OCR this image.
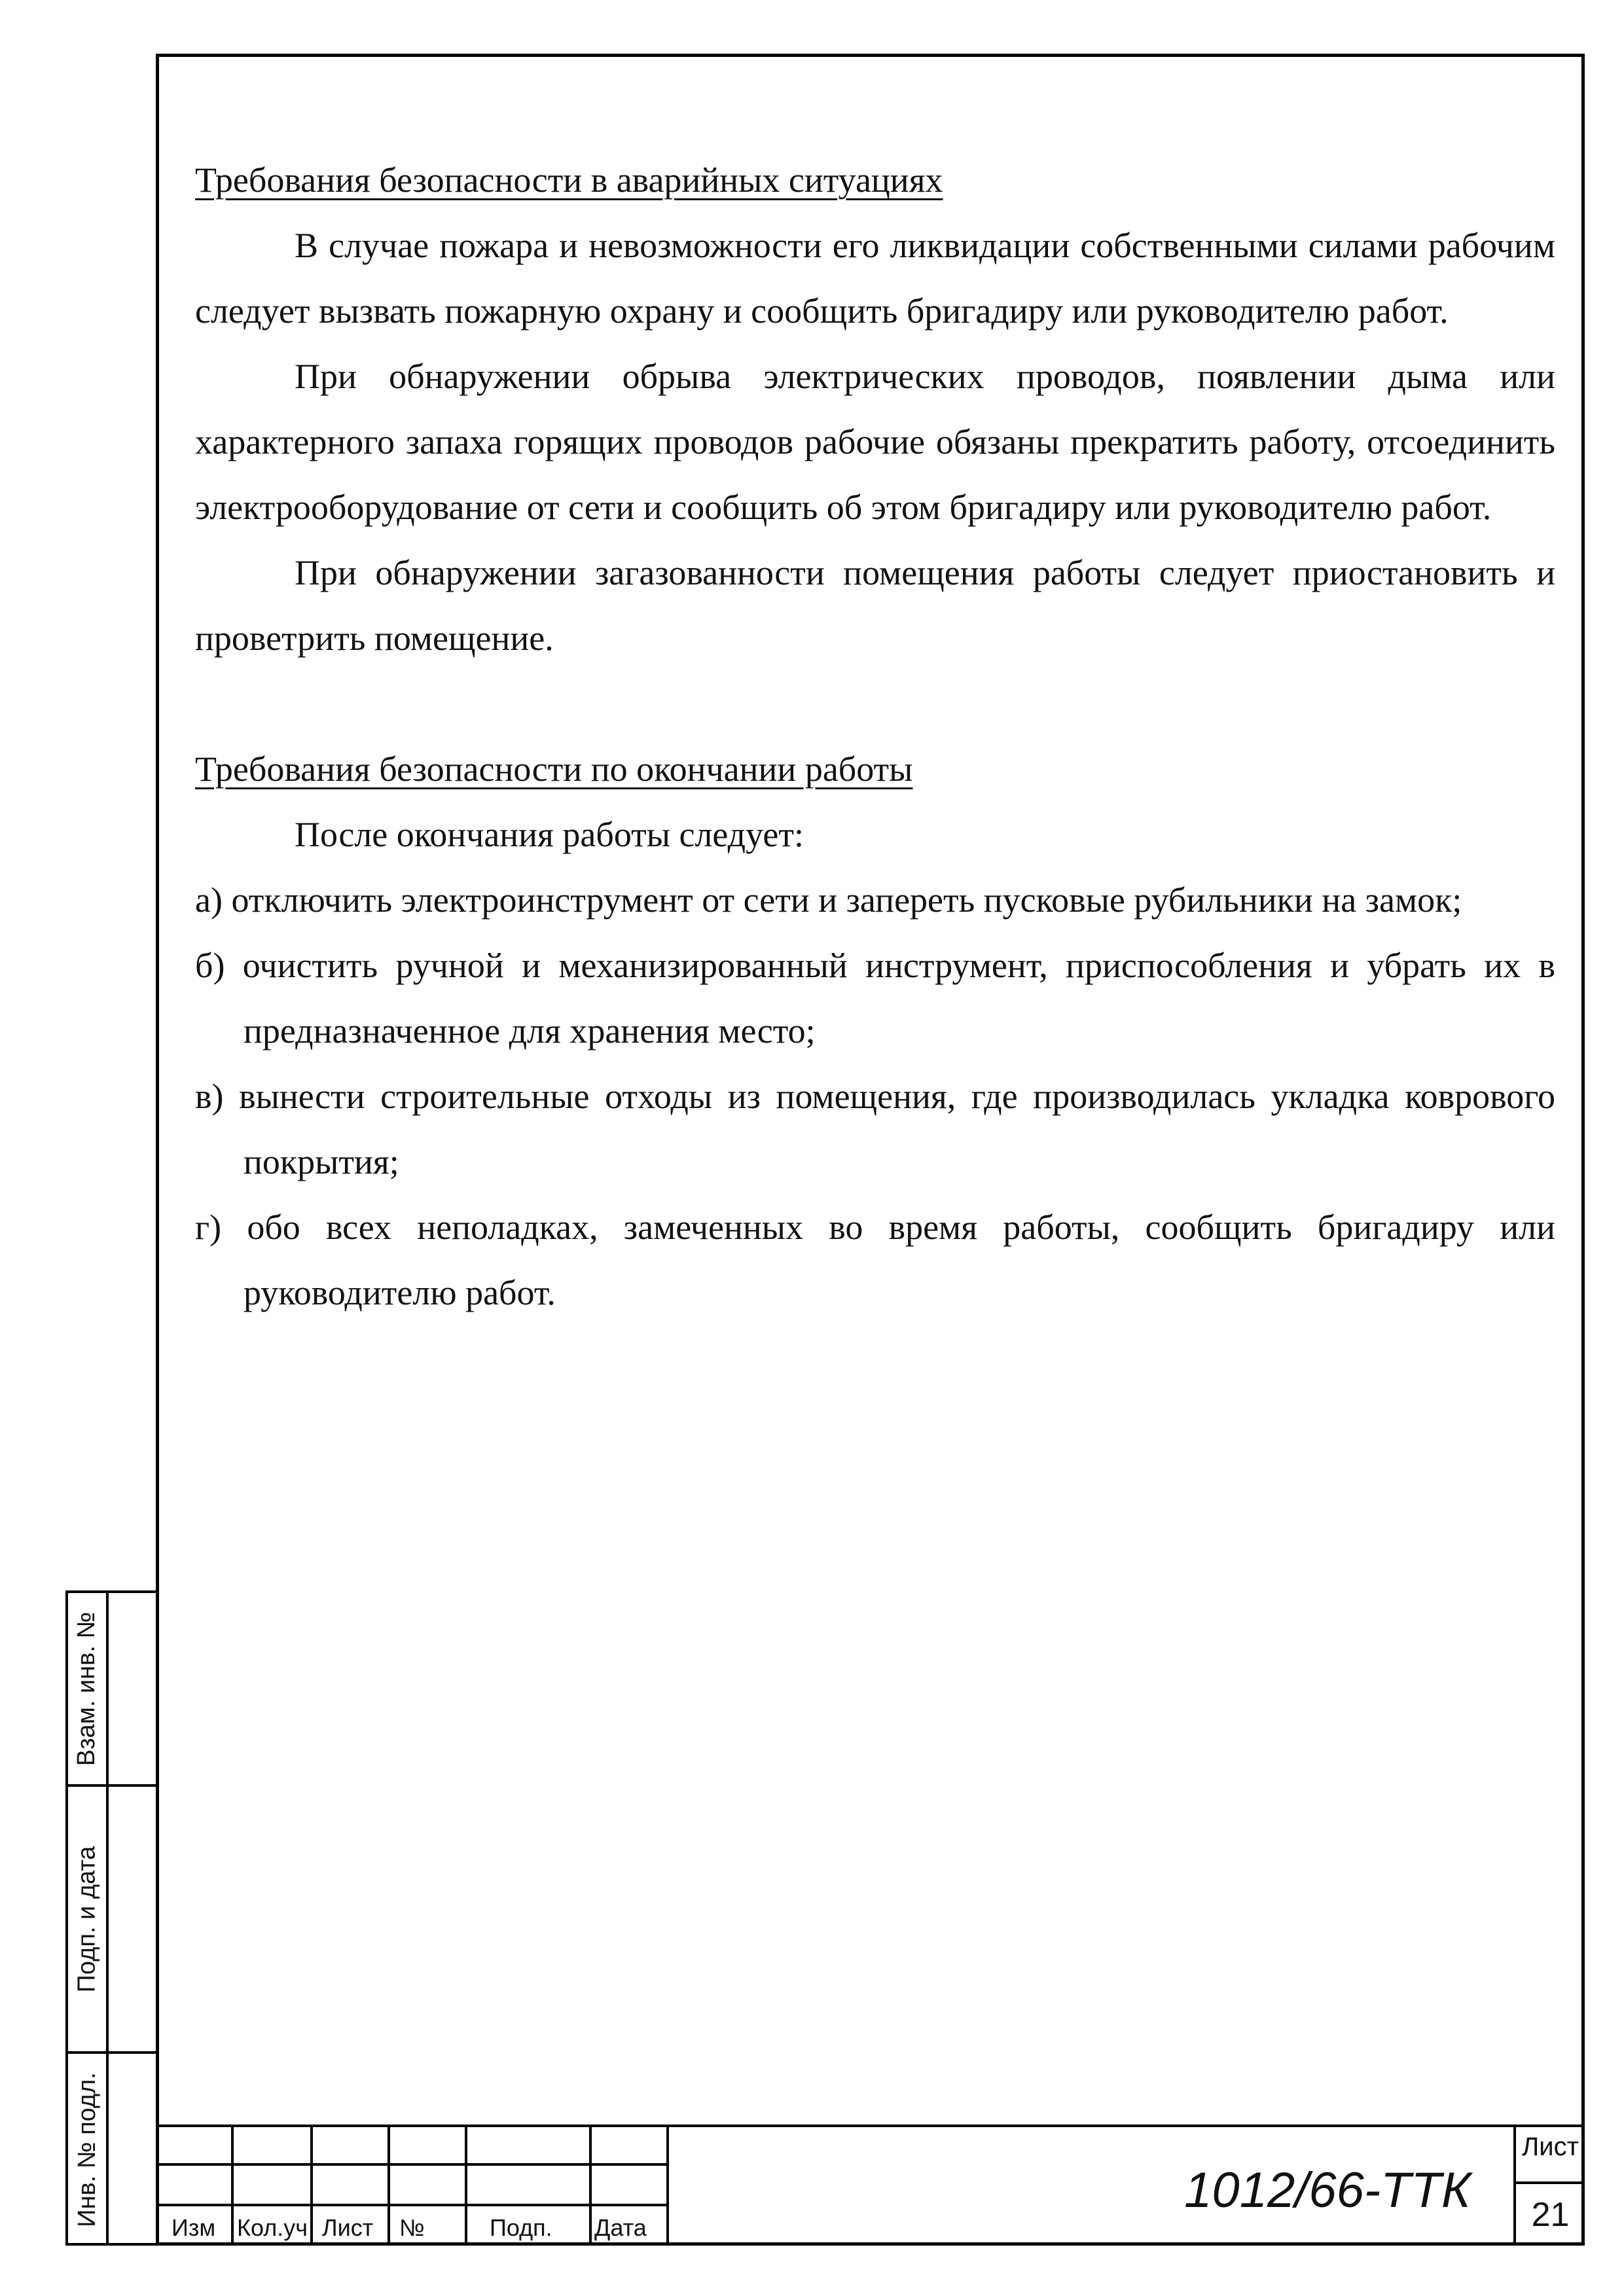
Требования безопасности в аварийных ситуациях

В случае пожара и невозможности его ликвидации собственными силами рабочим следует вызвать пожарную охрану и сообщить бригадиру или руководителю работ.

При обнаружении обрыва электрических проводов, появлении дыма или характерного запаха горящих проводов рабочие обязаны прекратить работу, отсоединить электрооборудование от сети и сообщить об этом бригадиру или руководителю работ.

При обнаружении загазованности помещения работы следует приостановить и проветрить помещение.

Требования безопасности по окончании работы

После окончания работы следует:

а) отключить электроинструмент от сети и запереть пусковые рубильники на замок;

б) очистить ручной и механизированный инструмент, приспособления и убрать их в предназначенное для хранения место;

в) вынести строительные отходы из помещения, где производилась укладка коврового покрытия;

г) обо всех неполадках, замеченных во время работы, сообщить бригадиру или руководителю работ.

Взам. инв. №
Подп. и дата
Инв. № подл.
Изм Кол.уч Лист №	Подп. Дата
1012/66-ТТК
Лист
21
